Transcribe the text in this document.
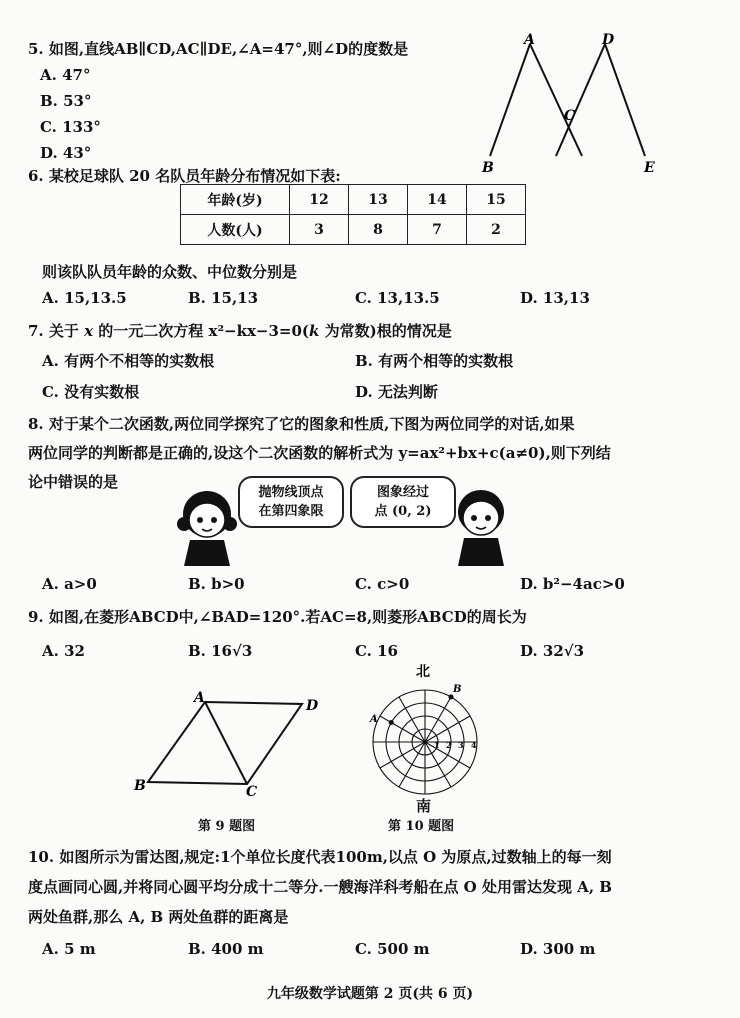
5. 如图,直线AB∥CD,AC∥DE,∠A=47°,则∠D的度数是
A. 47°
B. 53°
C. 133°
D. 43°
A	D
C
B	E
6. 某校足球队 20 名队员年龄分布情况如下表:
年龄(岁)	12	13	14	15
人数(人)	3	8	7	2
则该队队员年龄的众数、中位数分别是
A. 15,13.5	B. 15,13	C. 13,13.5	D. 13,13
7. 关于 x 的一元二次方程 x²−kx−3=0(k 为常数)根的情况是
A. 有两个不相等的实数根	B. 有两个相等的实数根
C. 没有实数根	D. 无法判断
8. 对于某个二次函数,两位同学探究了它的图象和性质,下图为两位同学的对话,如果
两位同学的判断都是正确的,设这个二次函数的解析式为 y=ax²+bx+c(a≠0),则下列结
论中错误的是
抛物线顶点
在第四象限
图象经过
点 (0, 2)
A. a>0	B. b>0	C. c>0	D. b²−4ac>0
9. 如图,在菱形ABCD中,∠BAD=120°.若AC=8,则菱形ABCD的周长为
A. 32	B. 16√3	C. 16	D. 32√3
A	D
C
B
第 9 题图
北
A
B
1 2 3 4
南
第 10 题图
10. 如图所示为雷达图,规定:1个单位长度代表100m,以点 O 为原点,过数轴上的每一刻
度点画同心圆,并将同心圆平均分成十二等分.一艘海洋科考船在点 O 处用雷达发现 A, B
两处鱼群,那么 A, B 两处鱼群的距离是
A. 5 m	B. 400 m	C. 500 m	D. 300 m
九年级数学试题第 2 页(共 6 页)
